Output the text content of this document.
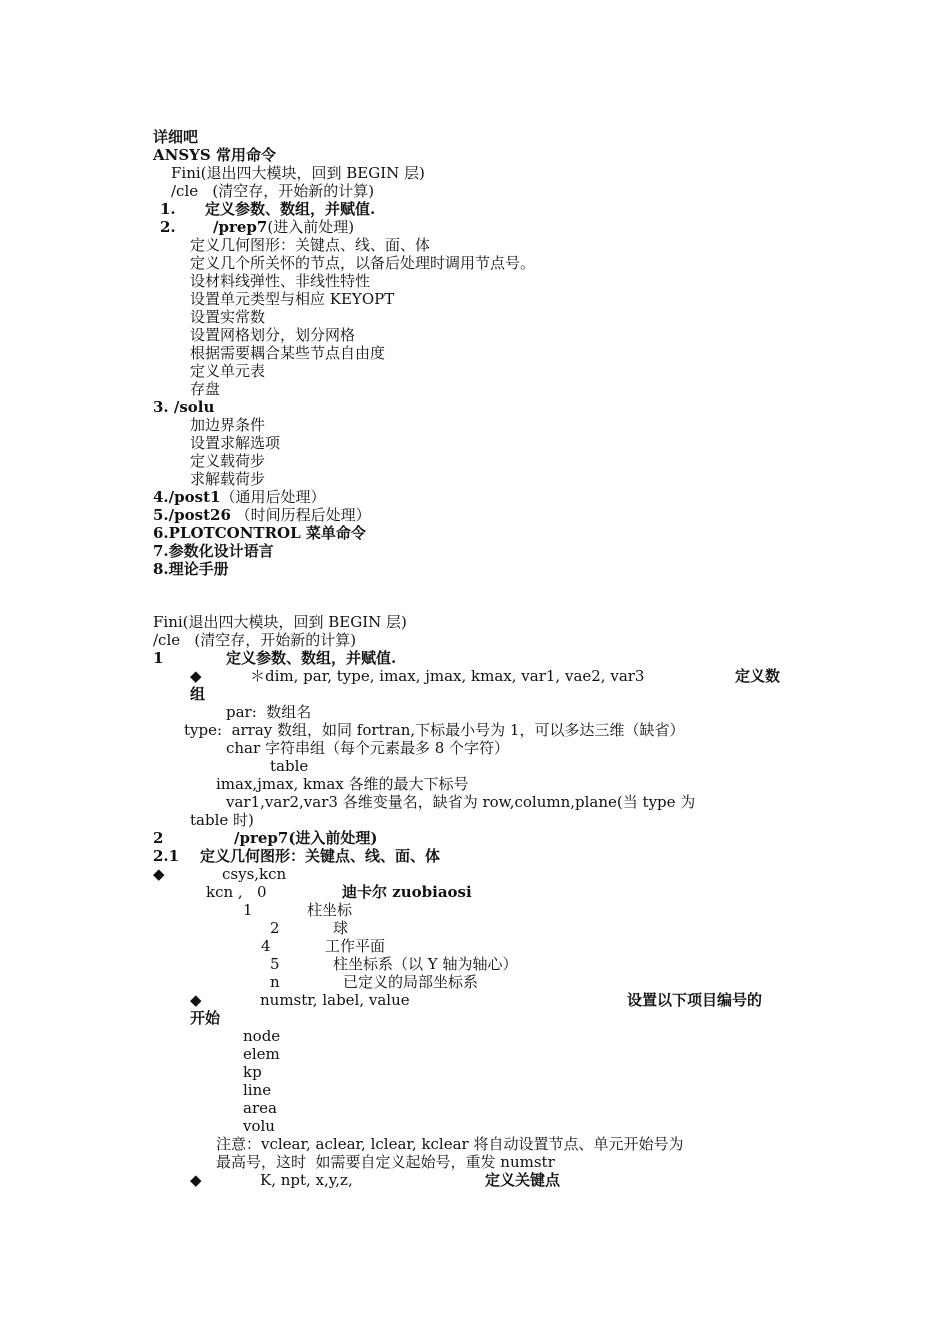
详细吧
ANSYS 常用命令
Fini(退出四大模块，回到 BEGIN 层)
/cle   (清空存，开始新的计算)
1. 定义参数、数组，并赋值.
2. /prep7(进入前处理)
定义几何图形：关键点、线、面、体
定义几个所关怀的节点，以备后处理时调用节点号。
设材料线弹性、非线性特性
设置单元类型与相应 KEYOPT
设置实常数
设置网格划分，划分网格
根据需要耦合某些节点自由度
定义单元表
存盘
3. /solu
加边界条件
设置求解选项
定义载荷步
求解载荷步
4./post1（通用后处理）
5./post26 （时间历程后处理）
6.PLOTCONTROL 菜单命令
7.参数化设计语言
8.理论手册
Fini(退出四大模块，回到 BEGIN 层)
/cle   (清空存，开始新的计算)
1	定义参数、数组，并赋值.
◆	＊dim, par, type, imax, jmax, kmax, var1, vae2, var3	定义数
组
par:  数组名
type:  array 数组，如同 fortran,下标最小号为 1，可以多达三维（缺省）
char 字符串组（每个元素最多 8 个字符）
table
imax,jmax, kmax 各维的最大下标号
var1,var2,var3 各维变量名，缺省为 row,column,plane(当 type 为
table 时)
2	/prep7(进入前处理)
2.1    定义几何图形：关键点、线、面、体
◆	csys,kcn
kcn ,   0	迪卡尔 zuobiaosi
1	柱坐标
2	球
4	工作平面
5	柱坐标系（以 Y 轴为轴心）
n	已定义的局部坐标系
◆	numstr, label, value	设置以下项目编号的
开始
node
elem
kp
line
area
volu
注意：vclear, aclear, lclear, kclear 将自动设置节点、单元开始号为
最高号，这时  如需要自定义起始号，重发 numstr
◆	K, npt, x,y,z,	定义关键点
